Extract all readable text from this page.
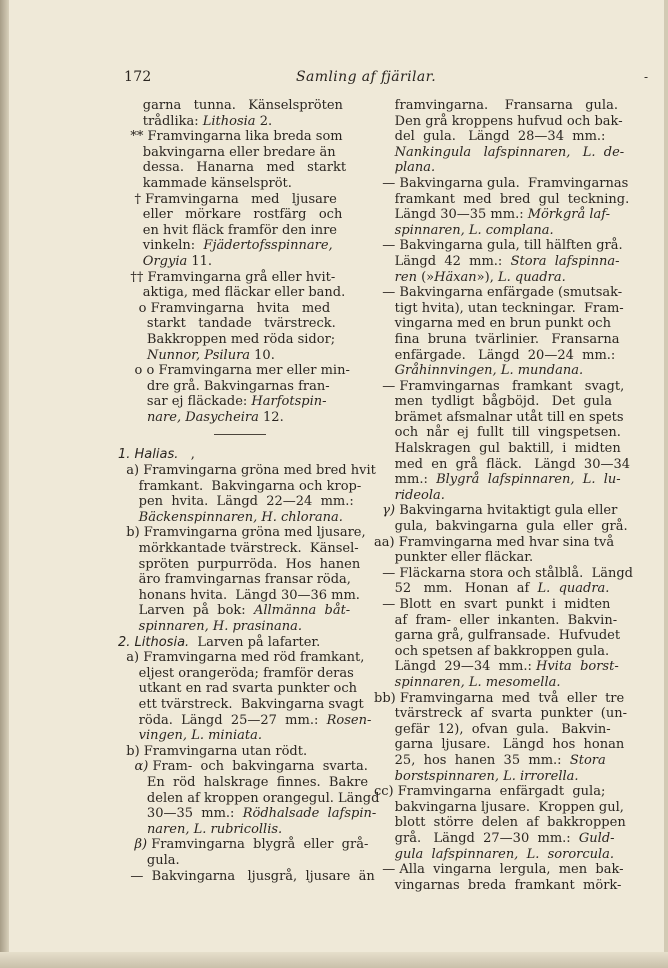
172	Samling af fjärilar.	-
garna   tunna.   Känselspröten
trådlika: Lithosia 2.
** Framvingarna lika breda som
bakvingarna eller bredare än
dessa.   Hanarna   med   starkt
kammade känselspröt.
† Framvingarna   med   ljusare
eller   mörkare   rostfärg   och
en hvit fläck framför den inre
vinkeln:  Fjädertofsspinnare,
Orgyia 11.
†† Framvingarna grå eller hvit-
aktiga, med fläckar eller band.
o Framvingarna   hvita   med
starkt   tandade   tvärstreck.
Bakkroppen med röda sidor;
Nunnor, Psilura 10.
o o Framvingarna mer eller min-
dre grå. Bakvingarnas fran-
sar ej fläckade: Harfotspin-
nare, Dasycheira 12.
1. Halias.   ,
a) Framvingarna gröna med bred hvit
framkant.  Bakvingarna och krop-
pen  hvita.  Längd  22—24  mm.:
Bäckenspinnaren, H. chlorana.
b) Framvingarna gröna med ljusare,
mörkkantade tvärstreck.  Känsel-
spröten  purpurröda.  Hos  hanen
äro framvingarnas fransar röda,
honans hvita.  Längd 30—36 mm.
Larven  på  bok:  Allmänna  båt-
spinnaren, H. prasinana.
2. Lithosia.  Larven på lafarter.
a) Framvingarna med röd framkant,
eljest orangeröda; framför deras
utkant en rad svarta punkter och
ett tvärstreck.  Bakvingarna svagt
röda.  Längd  25—27  mm.:  Rosen-
vingen, L. miniata.
b) Framvingarna utan rödt.
α) Fram-  och  bakvingarna  svarta.
En  röd  halskrage  finnes.  Bakre
delen af kroppen orangegul. Längd
30—35  mm.:  Rödhalsade  lafspin-
naren, L. rubricollis.
β) Framvingarna  blygrå  eller  grå-
gula.
—  Bakvingarna   ljusgrå,  ljusare  än
framvingarna.    Fransarna   gula.
Den grå kroppens hufvud och bak-
del  gula.   Längd  28—34  mm.:
Nankingula   lafspinnaren,   L.  de-
plana.
— Bakvingarna gula.  Framvingarnas
framkant  med  bred  gul  teckning.
Längd 30—35 mm.: Mörkgrå laf-
spinnaren, L. complana.
— Bakvingarna gula, till hälften grå.
Längd  42  mm.:  Stora  lafspinna-
ren (»Häxan»), L. quadra.
— Bakvingarna enfärgade (smutsak-
tigt hvita), utan teckningar.  Fram-
vingarna med en brun punkt och
fina  bruna  tvärlinier.   Fransarna
enfärgade.   Längd  20—24  mm.:
Gråhinnvingen, L. mundana.
— Framvingarnas   framkant   svagt,
men  tydligt  bågböjd.   Det  gula
brämet afsmalnar utåt till en spets
och  når  ej  fullt  till  vingspetsen.
Halskragen  gul  baktill,  i  midten
med  en  grå  fläck.   Längd  30—34
mm.:  Blygrå  lafspinnaren,  L.  lu-
rideola.
γ) Bakvingarna hvitaktigt gula eller
gula,  bakvingarna  gula  eller  grå.
aa) Framvingarna med hvar sina två
punkter eller fläckar.
— Fläckarna stora och stålblå.  Längd
52   mm.   Honan  af  L.  quadra.
— Blott  en  svart  punkt  i  midten
af  fram-  eller  inkanten.  Bakvin-
garna grå, gulfransade.  Hufvudet
och spetsen af bakkroppen gula.
Längd  29—34  mm.: Hvita  borst-
spinnaren, L. mesomella.
bb) Framvingarna  med  två  eller  tre
tvärstreck  af  svarta  punkter  (un-
gefär  12),  ofvan  gula.   Bakvin-
garna  ljusare.   Längd  hos  honan
25,  hos  hanen  35  mm.:  Stora
borstspinnaren, L. irrorella.
cc) Framvingarna  enfärgadt  gula;
bakvingarna ljusare.  Kroppen gul,
blott  större  delen  af  bakkroppen
grå.   Längd  27—30  mm.:  Guld-
gula  lafspinnaren,  L.  sororcula.
— Alla  vingarna  lergula,  men  bak-
vingarnas  breda  framkant  mörk-
